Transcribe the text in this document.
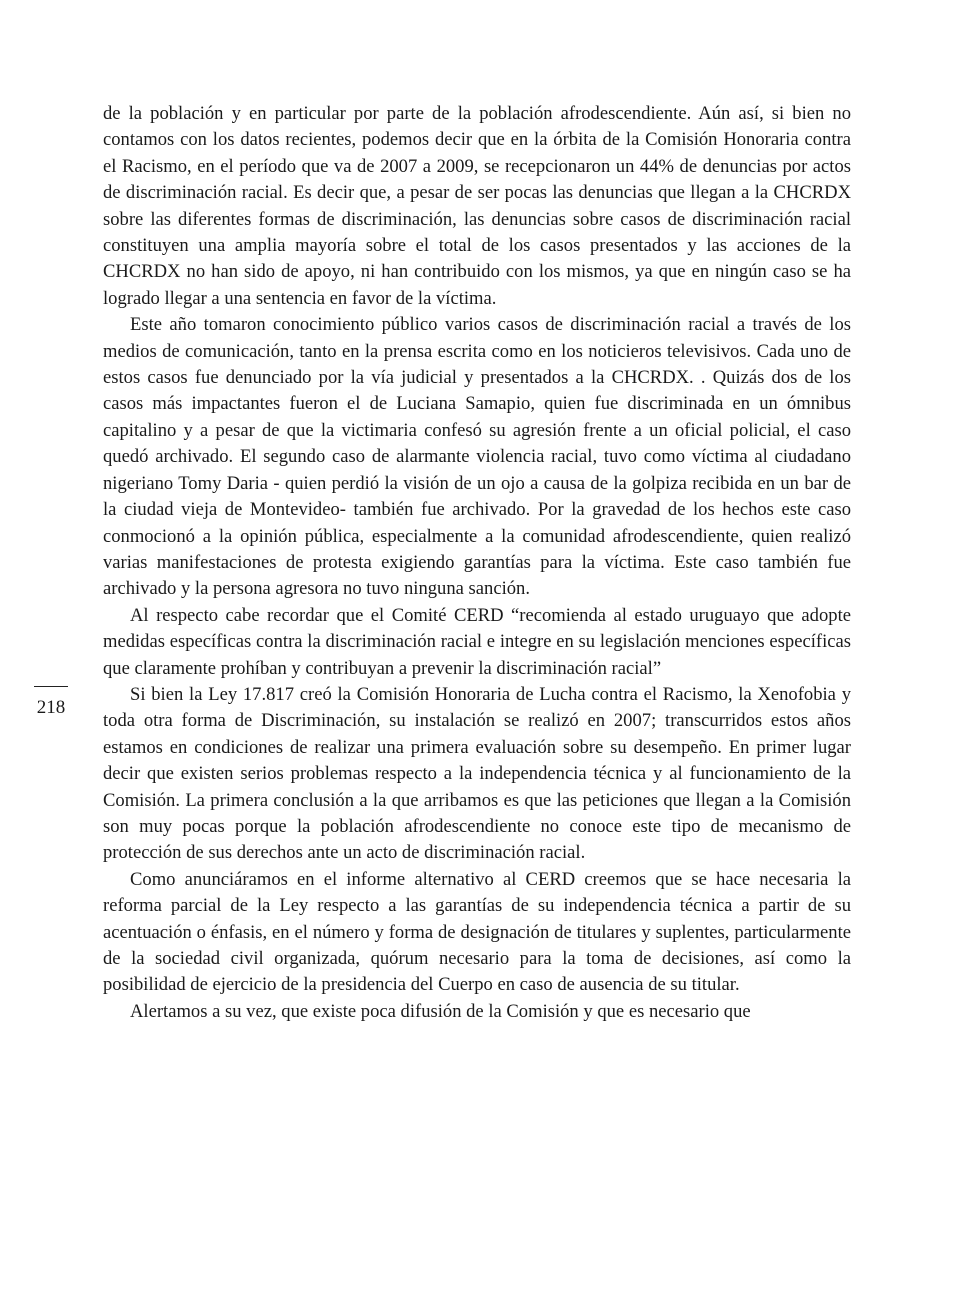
218

de la población y en particular por parte de la población afrodescendiente. Aún así, si bien no contamos con los datos recientes, podemos decir que en la órbita de la Comisión Honoraria contra el Racismo, en el período que va de 2007 a 2009, se recepcionaron un 44% de denuncias por actos de discriminación racial. Es decir que, a pesar de ser pocas las denuncias que llegan a la CHCRDX sobre las diferentes formas de discriminación, las denuncias sobre casos de discriminación racial constituyen una amplia mayoría sobre el total de los casos presentados y las acciones de la CHCRDX no han sido de apoyo, ni han contribuido con los mismos, ya que en ningún caso se ha logrado llegar a una sentencia en favor de la víctima.

Este año tomaron conocimiento público varios casos de discriminación racial a través de los medios de comunicación, tanto en la prensa escrita como en los noticieros televisivos. Cada uno de estos casos fue denunciado por la vía judicial y presentados a la CHCRDX. . Quizás dos de los casos más impactantes fueron el de Luciana Samapio, quien fue discriminada en un ómnibus capitalino y a pesar de que la victimaria confesó su agresión frente a un oficial policial, el caso quedó archivado. El segundo caso de alarmante violencia racial, tuvo como víctima al ciudadano nigeriano Tomy Daria - quien perdió la visión de un ojo a causa de la golpiza recibida en un bar de la ciudad vieja de Montevideo- también fue archivado. Por la gravedad de los hechos este caso conmocionó a la opinión pública, especialmente a la comunidad afrodescendiente, quien realizó varias manifestaciones de protesta exigiendo garantías para la víctima. Este caso también fue archivado y la persona agresora no tuvo ninguna sanción.

Al respecto cabe recordar que el Comité CERD “recomienda al estado uruguayo que adopte medidas específicas contra la discriminación racial e integre en su legislación menciones específicas que claramente prohíban y contribuyan a prevenir la discriminación racial”

Si bien la Ley 17.817 creó la Comisión Honoraria de Lucha contra el Racismo, la Xenofobia y toda otra forma de Discriminación, su instalación se realizó en 2007; transcurridos estos años estamos en condiciones de realizar una primera evaluación sobre su desempeño. En primer lugar decir que existen serios problemas respecto a la independencia técnica y al funcionamiento de la Comisión. La primera conclusión a la que arribamos es que las peticiones que llegan a la Comisión son muy pocas porque la población afrodescendiente no conoce este tipo de mecanismo de protección de sus derechos ante un acto de discriminación racial.

Como anunciáramos en el informe alternativo al CERD creemos que se hace necesaria la reforma parcial de la Ley respecto a las garantías de su independencia técnica a partir de su acentuación o énfasis, en el número y forma de designación de titulares y suplentes, particularmente de la sociedad civil organizada, quórum necesario para la toma de decisiones, así como la posibilidad de ejercicio de la presidencia del Cuerpo en caso de ausencia de su titular.

Alertamos a su vez, que existe poca difusión de la Comisión y que es necesario que
